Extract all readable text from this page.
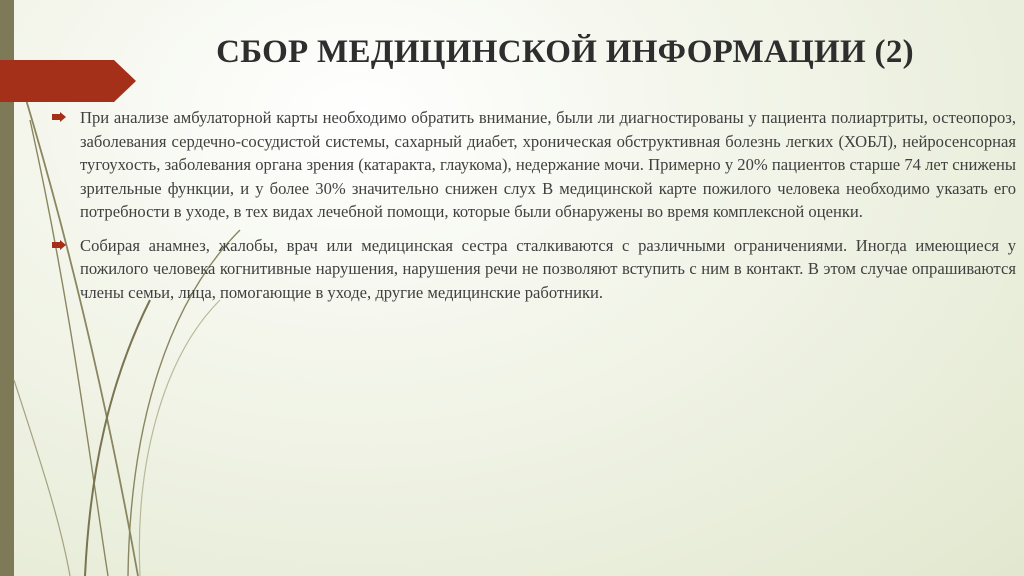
СБОР МЕДИЦИНСКОЙ ИНФОРМАЦИИ (2)

При анализе амбулаторной карты необходимо обратить внимание, были ли диагностированы у пациента полиартриты, остеопороз, заболевания сердечно-сосудистой системы, сахарный диабет, хроническая обструктивная болезнь легких (ХОБЛ), нейросенсорная тугоухость, заболевания органа зрения (катаракта, глаукома), недержание мочи. Примерно у 20% пациентов старше 74 лет снижены зрительные функции, и у более 30% значительно снижен слух В медицинской карте пожилого человека необходимо указать его потребности в уходе, в тех видах лечебной помощи, которые были обнаружены во время комплексной оценки.

Собирая анамнез, жалобы, врач или медицинская сестра сталкиваются с различными ограничениями. Иногда имеющиеся у пожилого человека когнитивные нарушения, нарушения речи не позволяют вступить с ним в контакт. В этом случае опрашиваются члены семьи, лица, помогающие в уходе, другие медицинские работники.
